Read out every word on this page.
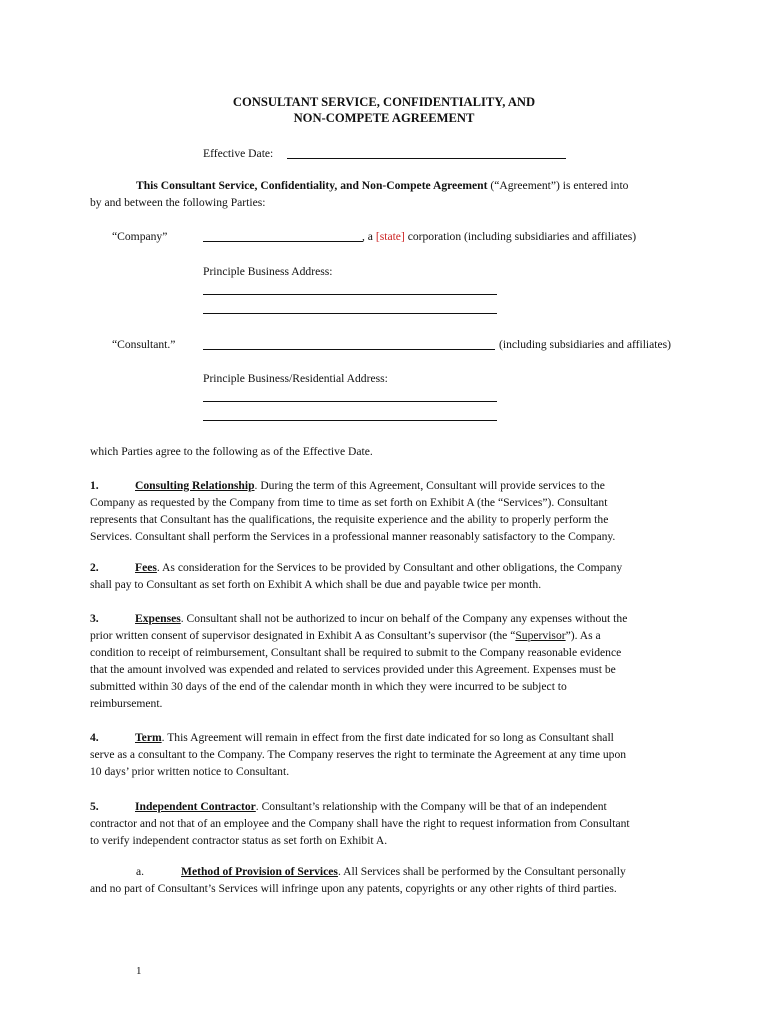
CONSULTANT SERVICE, CONFIDENTIALITY, AND
NON-COMPETE AGREEMENT
Effective Date:
This Consultant Service, Confidentiality, and Non-Compete Agreement (“Agreement”) is entered into
by and between the following Parties:
“Company”	, a [state] corporation (including subsidiaries and affiliates)
Principle Business Address:
“Consultant.”	(including subsidiaries and affiliates)
Principle Business/Residential Address:
which Parties agree to the following as of the Effective Date.
1.	Consulting Relationship. During the term of this Agreement, Consultant will provide services to the
Company as requested by the Company from time to time as set forth on Exhibit A (the “Services”). Consultant
represents that Consultant has the qualifications, the requisite experience and the ability to properly perform the
Services. Consultant shall perform the Services in a professional manner reasonably satisfactory to the Company.
2.	Fees. As consideration for the Services to be provided by Consultant and other obligations, the Company
shall pay to Consultant as set forth on Exhibit A which shall be due and payable twice per month.
3.	Expenses. Consultant shall not be authorized to incur on behalf of the Company any expenses without the
prior written consent of supervisor designated in Exhibit A as Consultant’s supervisor (the “Supervisor”). As a
condition to receipt of reimbursement, Consultant shall be required to submit to the Company reasonable evidence
that the amount involved was expended and related to services provided under this Agreement. Expenses must be
submitted within 30 days of the end of the calendar month in which they were incurred to be subject to
reimbursement.
4.	Term. This Agreement will remain in effect from the first date indicated for so long as Consultant shall
serve as a consultant to the Company. The Company reserves the right to terminate the Agreement at any time upon
10 days’ prior written notice to Consultant.
5.	Independent Contractor. Consultant’s relationship with the Company will be that of an independent
contractor and not that of an employee and the Company shall have the right to request information from Consultant
to verify independent contractor status as set forth on Exhibit A.
a.	Method of Provision of Services. All Services shall be performed by the Consultant personally
and no part of Consultant’s Services will infringe upon any patents, copyrights or any other rights of third parties.
1
